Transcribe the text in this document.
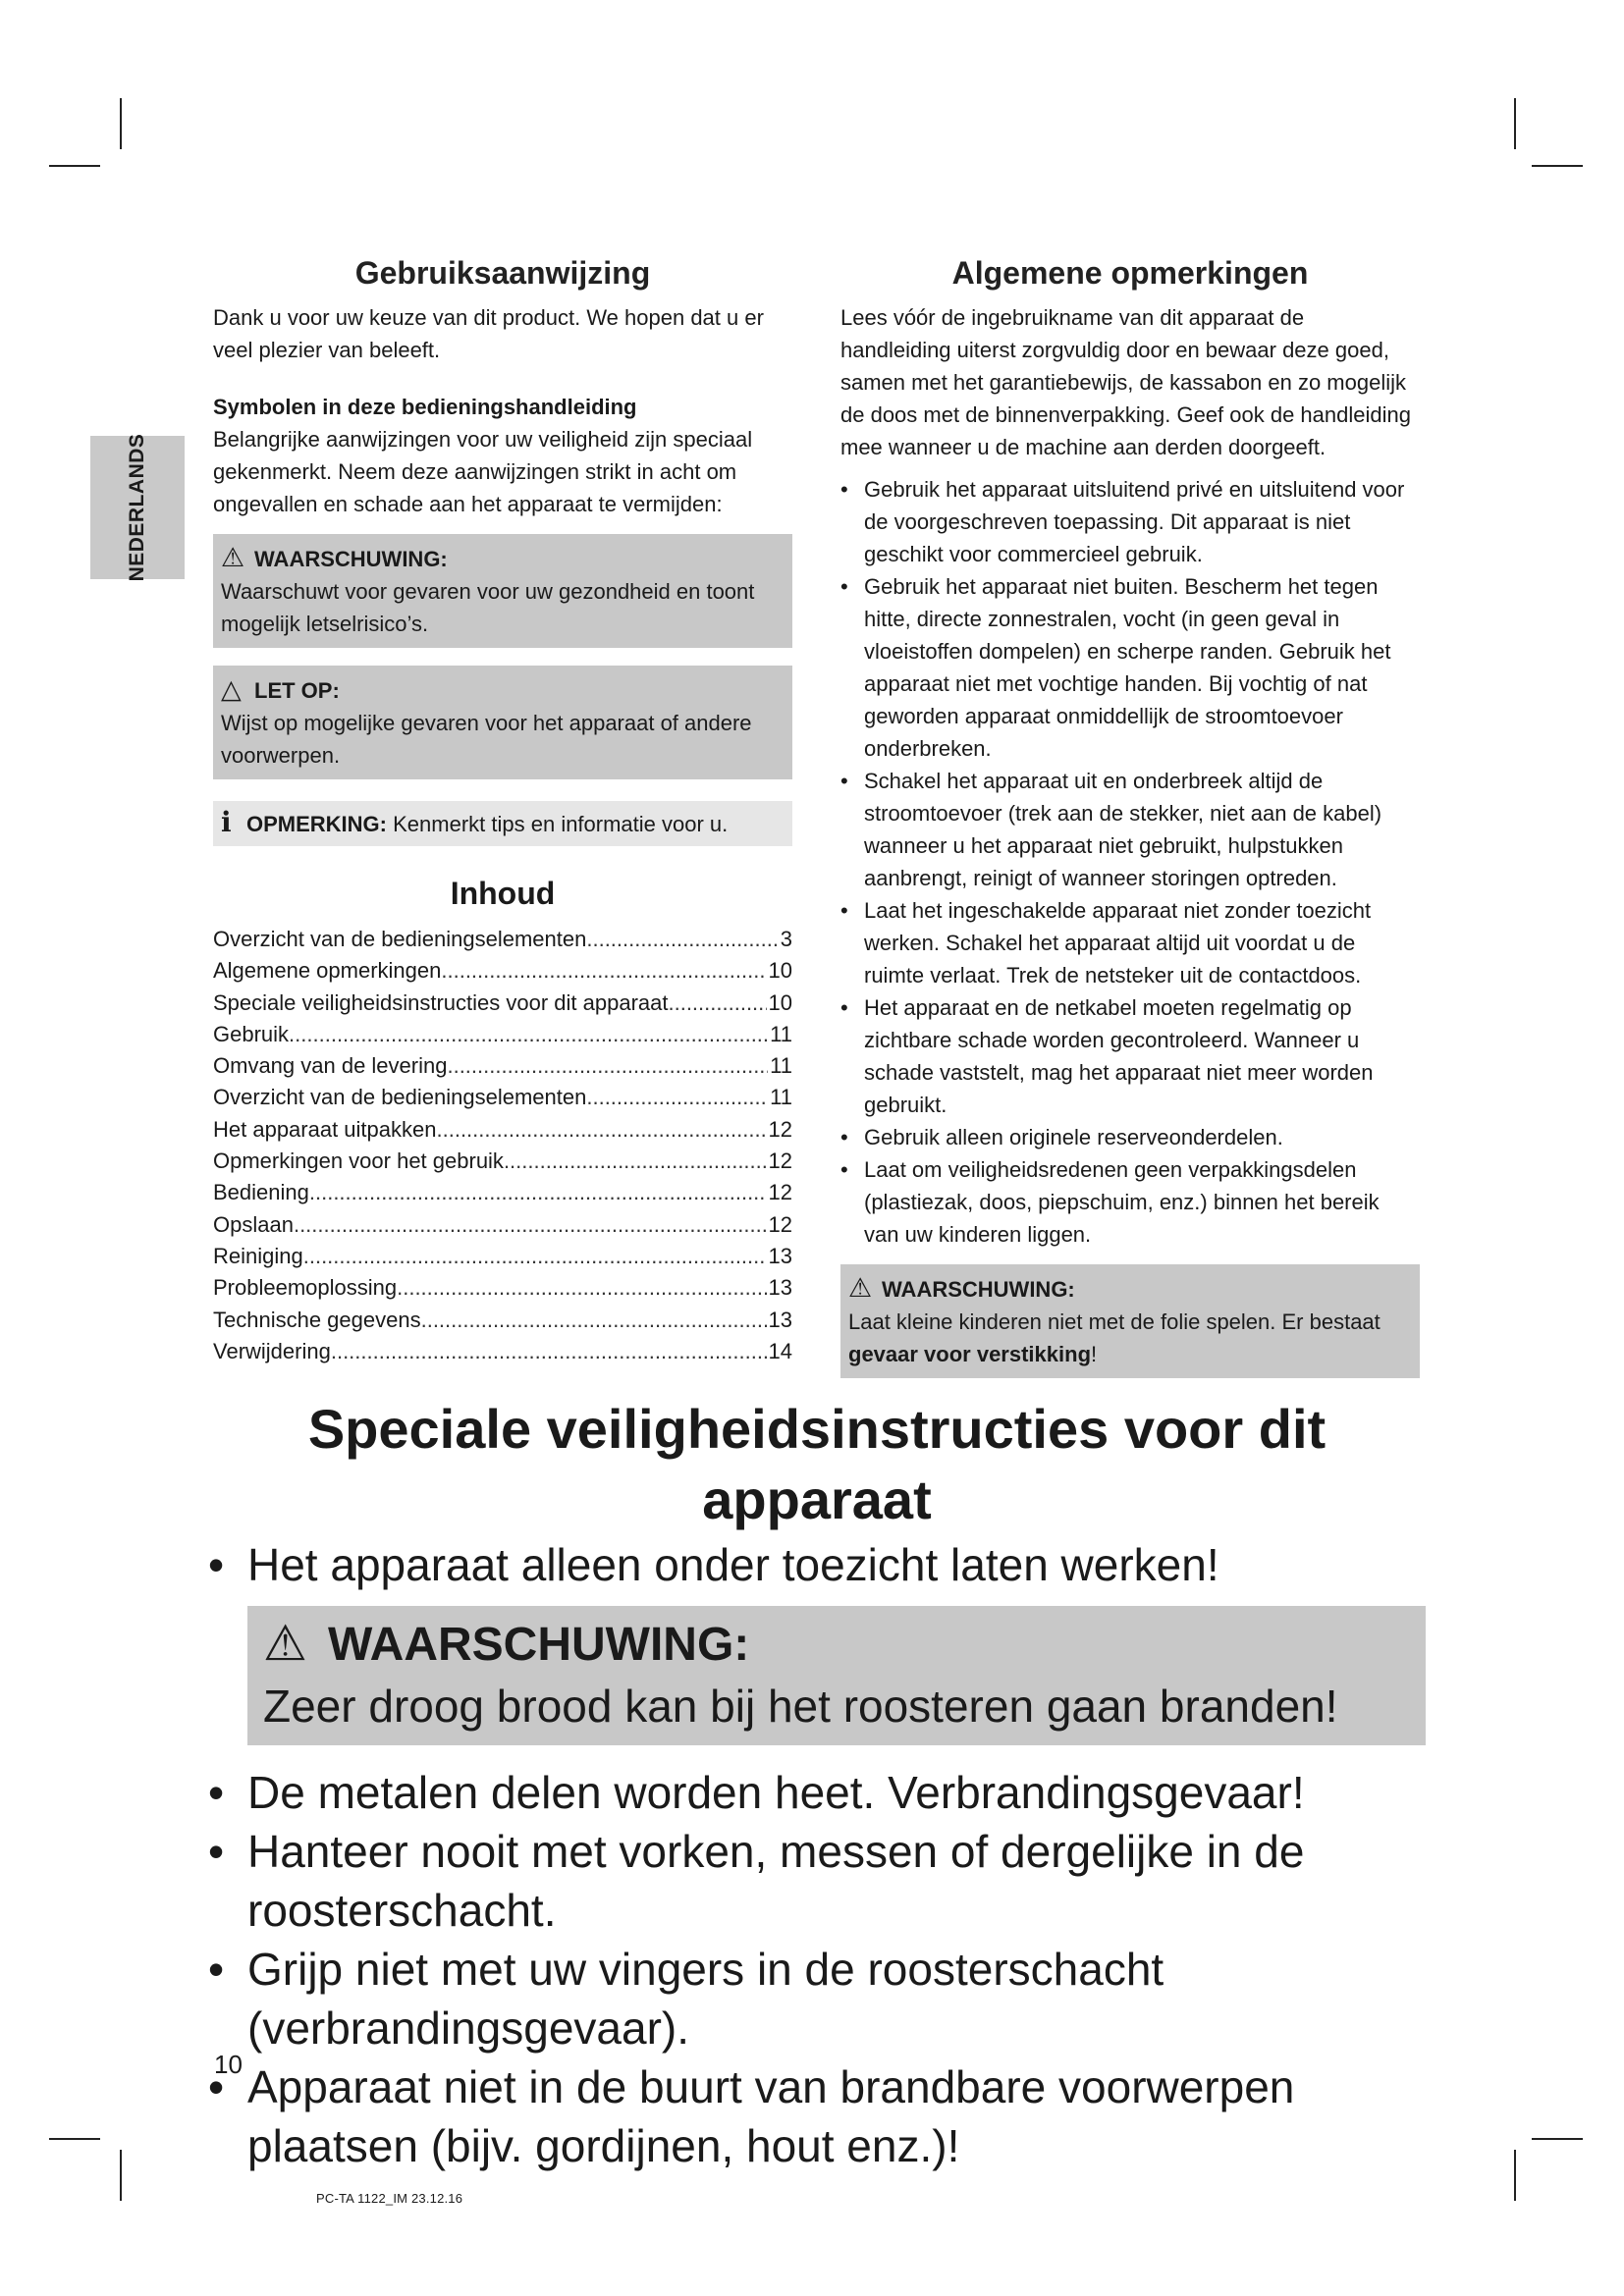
NEDERLANDS
Gebruiksaanwijzing

Dank u voor uw keuze van dit product. We hopen dat u er veel plezier van beleeft.

Symbolen in deze bedieningshandleiding

Belangrijke aanwijzingen voor uw veiligheid zijn speciaal gekenmerkt. Neem deze aanwijzingen strikt in acht om ongevallen en schade aan het apparaat te vermijden:

⚠ WAARSCHUWING:
Waarschuwt voor gevaren voor uw gezondheid en toont mogelijk letselrisico’s.
△ LET OP:
Wijst op mogelijke gevaren voor het apparaat of andere voorwerpen.
i OPMERKING: Kenmerkt tips en informatie voor u.
Inhoud
Overzicht van de bedieningselementen .....	3
Algemene opmerkingen .....	10
Speciale veiligheidsinstructies voor dit apparaat .....	10
Gebruik .....	11
Omvang van de levering .....	11
Overzicht van de bedieningselementen .....	11
Het apparaat uitpakken .....	12
Opmerkingen voor het gebruik .....	12
Bediening .....	12
Opslaan .....	12
Reiniging .....	13
Probleemoplossing .....	13
Technische gegevens .....	13
Verwijdering .....	14
Algemene opmerkingen

Lees vóór de ingebruikname van dit apparaat de handleiding uiterst zorgvuldig door en bewaar deze goed, samen met het garantiebewijs, de kassabon en zo mogelijk de doos met de binnenverpakking. Geef ook de handleiding mee wanneer u de machine aan derden doorgeeft.

• Gebruik het apparaat uitsluitend privé en uitsluitend voor de voorgeschreven toepassing. Dit apparaat is niet geschikt voor commercieel gebruik.
• Gebruik het apparaat niet buiten. Bescherm het tegen hitte, directe zonnestralen, vocht (in geen geval in vloeistoffen dompelen) en scherpe randen. Gebruik het apparaat niet met vochtige handen. Bij vochtig of nat geworden apparaat onmiddellijk de stroomtoevoer onderbreken.
• Schakel het apparaat uit en onderbreek altijd de stroomtoevoer (trek aan de stekker, niet aan de kabel) wanneer u het apparaat niet gebruikt, hulpstukken aanbrengt, reinigt of wanneer storingen optreden.
• Laat het ingeschakelde apparaat niet zonder toezicht werken. Schakel het apparaat altijd uit voordat u de ruimte verlaat. Trek de netsteker uit de contactdoos.
• Het apparaat en de netkabel moeten regelmatig op zichtbare schade worden gecontroleerd. Wanneer u schade vaststelt, mag het apparaat niet meer worden gebruikt.
• Gebruik alleen originele reserveonderdelen.
• Laat om veiligheidsredenen geen verpakkingsdelen (plastiezak, doos, piepschuim, enz.) binnen het bereik van uw kinderen liggen.
⚠ WAARSCHUWING:
Laat kleine kinderen niet met de folie spelen. Er bestaat gevaar voor verstikking!
Speciale veiligheidsinstructies voor dit apparaat
• Het apparaat alleen onder toezicht laten werken!
⚠ WAARSCHUWING:
Zeer droog brood kan bij het roosteren gaan branden!
• De metalen delen worden heet. Verbrandingsgevaar!
• Hanteer nooit met vorken, messen of dergelijke in de roosterschacht.
• Grijp niet met uw vingers in de roosterschacht (verbrandingsgevaar).
• Apparaat niet in de buurt van brandbare voorwerpen plaatsen (bijv. gordijnen, hout enz.)!
10
PC-TA 1122_IM 23.12.16
